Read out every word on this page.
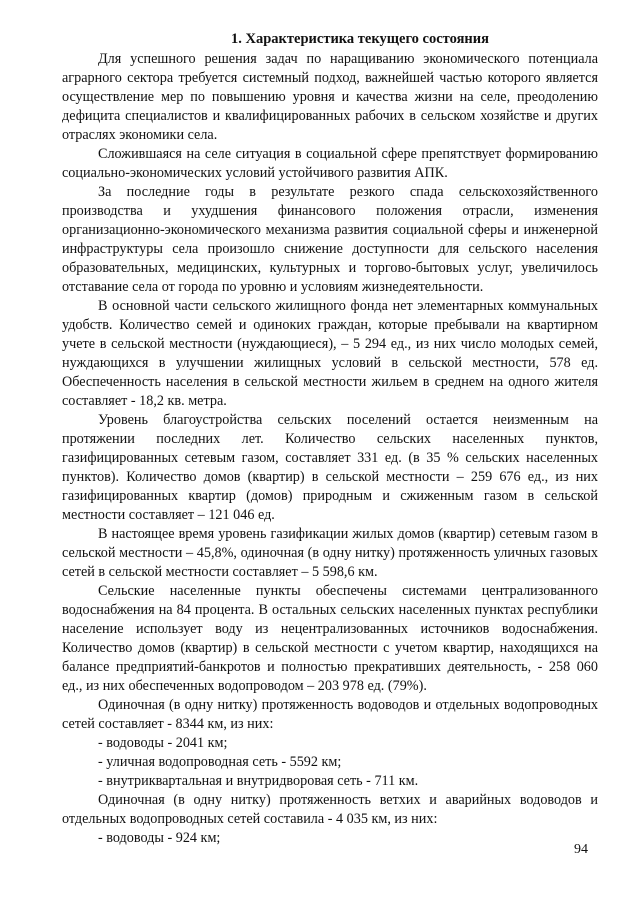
1. Характеристика текущего состояния

Для успешного решения задач по наращиванию экономического потенциала аграрного сектора требуется системный подход, важнейшей частью которого является осуществление мер по повышению уровня и качества жизни на селе, преодолению дефицита специалистов и квалифицированных рабочих в сельском хозяйстве и других отраслях экономики села.

Сложившаяся на селе ситуация в социальной сфере препятствует формированию социально-экономических условий устойчивого развития АПК.

За последние годы в результате резкого спада сельскохозяйственного производства и ухудшения финансового положения отрасли, изменения организационно-экономического механизма развития социальной сферы и инженерной инфраструктуры села произошло снижение доступности для сельского населения образовательных, медицинских, культурных и торгово-бытовых услуг, увеличилось отставание села от города по уровню и условиям жизнедеятельности.

В основной части сельского жилищного фонда нет элементарных коммунальных удобств. Количество семей и одиноких граждан, которые пребывали на квартирном учете в сельской местности (нуждающиеся), – 5 294 ед., из них число молодых семей, нуждающихся в улучшении жилищных условий в сельской местности, 578 ед. Обеспеченность населения в сельской местности жильем в среднем на одного жителя составляет - 18,2 кв. метра.

Уровень благоустройства сельских поселений остается неизменным на протяжении последних лет. Количество сельских населенных пунктов, газифицированных сетевым газом, составляет 331 ед. (в 35 % сельских населенных пунктов). Количество домов (квартир) в сельской местности – 259 676 ед., из них газифицированных квартир (домов) природным и сжиженным газом в сельской местности составляет – 121 046 ед.

В настоящее время уровень газификации жилых домов (квартир) сетевым газом в сельской местности – 45,8%, одиночная (в одну нитку) протяженность уличных газовых сетей в сельской местности составляет – 5 598,6 км.

Сельские населенные пункты обеспечены системами централизованного водоснабжения на 84 процента. В остальных сельских населенных пунктах республики население использует воду из нецентрализованных источников водоснабжения. Количество домов (квартир) в сельской местности с учетом квартир, находящихся на балансе предприятий-банкротов и полностью прекративших деятельность, - 258 060 ед., из них обеспеченных водопроводом – 203 978 ед. (79%).

Одиночная (в одну нитку) протяженность водоводов и отдельных водопроводных сетей составляет - 8344 км, из них:

- водоводы - 2041 км;

- уличная водопроводная сеть - 5592 км;

- внутриквартальная и внутридворовая сеть - 711 км.

Одиночная (в одну нитку) протяженность ветхих и аварийных водоводов и отдельных водопроводных сетей составила - 4 035 км, из них:

- водоводы - 924 км;

94
